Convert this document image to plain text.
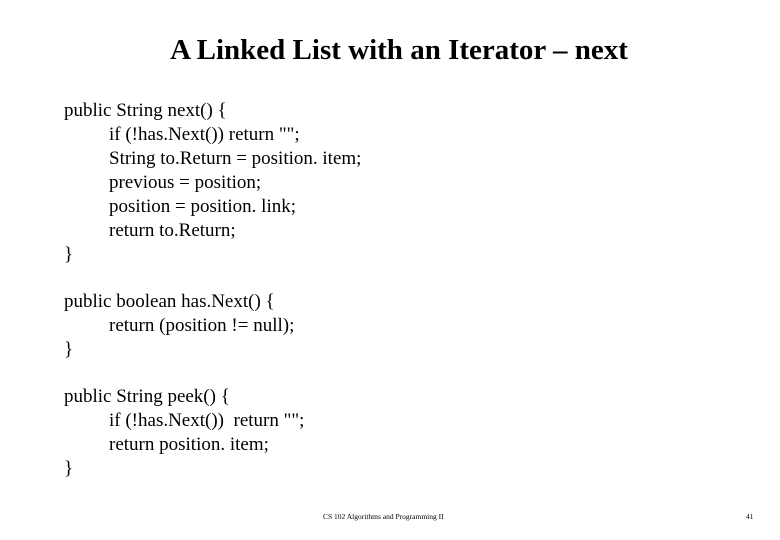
A Linked List with an Iterator – next
public String next() {
if (!has.Next()) return "";
String to.Return = position. item;
previous = position;
position = position. link;
return to.Return;
}
public boolean has.Next() {
return (position != null);
}
public String peek() {
if (!has.Next())  return "";
return position. item;
}
CS 102 Algorithms and Programming II	41
